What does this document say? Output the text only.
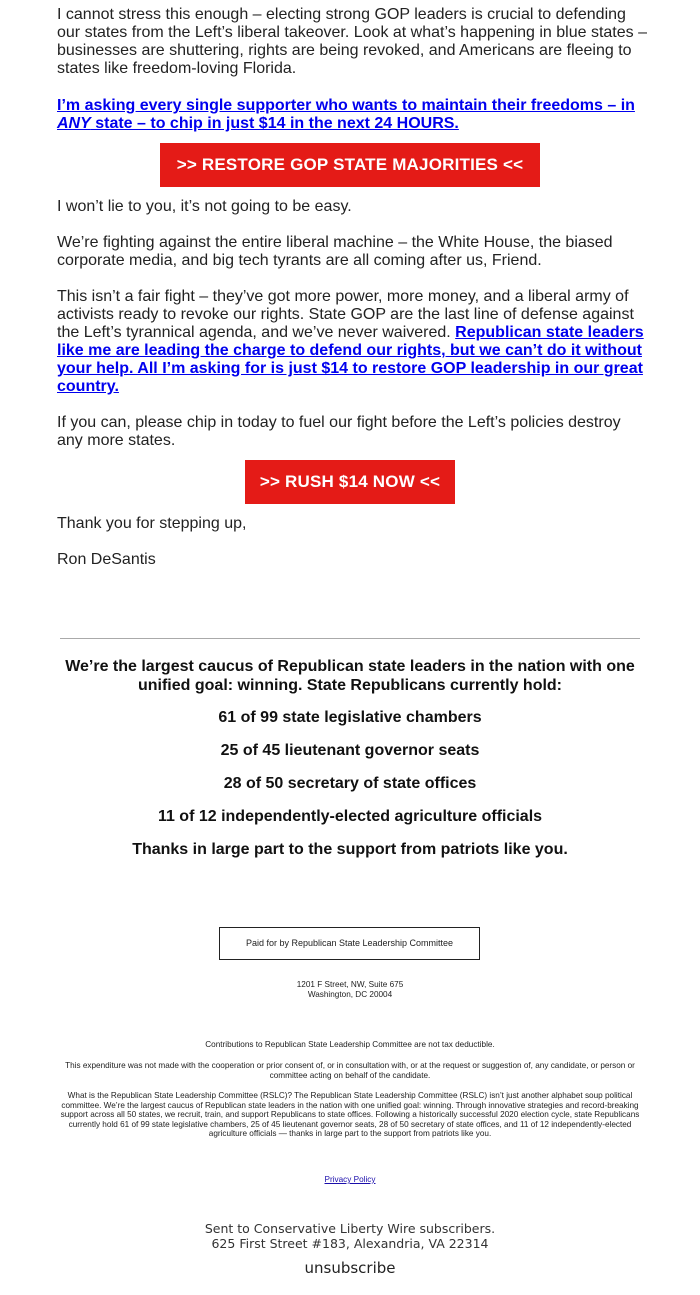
I cannot stress this enough – electing strong GOP leaders is crucial to defending our states from the Left’s liberal takeover. Look at what’s happening in blue states – businesses are shuttering, rights are being revoked, and Americans are fleeing to states like freedom-loving Florida.

I’m asking every single supporter who wants to maintain their freedoms – in ANY state – to chip in just $14 in the next 24 HOURS.

I won’t lie to you, it’s not going to be easy.

We’re fighting against the entire liberal machine – the White House, the biased corporate media, and big tech tyrants are all coming after us, Friend.

This isn’t a fair fight – they’ve got more power, more money, and a liberal army of activists ready to revoke our rights. State GOP are the last line of defense against the Left’s tyrannical agenda, and we’ve never waivered. Republican state leaders like me are leading the charge to defend our rights, but we can’t do it without your help. All I’m asking for is just $14 to restore GOP leadership in our great country.

If you can, please chip in today to fuel our fight before the Left’s policies destroy any more states.

Thank you for stepping up,

Ron DeSantis

>> RESTORE GOP STATE MAJORITIES <<
>> RUSH $14 NOW <<
We’re the largest caucus of Republican state leaders in the nation with one unified goal: winning. State Republicans currently hold:
61 of 99 state legislative chambers
25 of 45 lieutenant governor seats
28 of 50 secretary of state offices
11 of 12 independently-elected agriculture officials
Thanks in large part to the support from patriots like you.
Paid for by Republican State Leadership Committee
1201 F Street, NW, Suite 675
Washington, DC 20004
Contributions to Republican State Leadership Committee are not tax deductible.
This expenditure was not made with the cooperation or prior consent of, or in consultation with, or at the request or suggestion of, any candidate, or person or committee acting on behalf of the candidate.
What is the Republican State Leadership Committee (RSLC)? The Republican State Leadership Committee (RSLC) isn’t just another alphabet soup political committee. We’re the largest caucus of Republican state leaders in the nation with one unified goal: winning. Through innovative strategies and record-breaking support across all 50 states, we recruit, train, and support Republicans to state offices. Following a historically successful 2020 election cycle, state Republicans currently hold 61 of 99 state legislative chambers, 25 of 45 lieutenant governor seats, 28 of 50 secretary of state offices, and 11 of 12 independently-elected agriculture officials — thanks in large part to the support from patriots like you.
Privacy Policy
Sent to Conservative Liberty Wire subscribers.
625 First Street #183, Alexandria, VA 22314
unsubscribe
